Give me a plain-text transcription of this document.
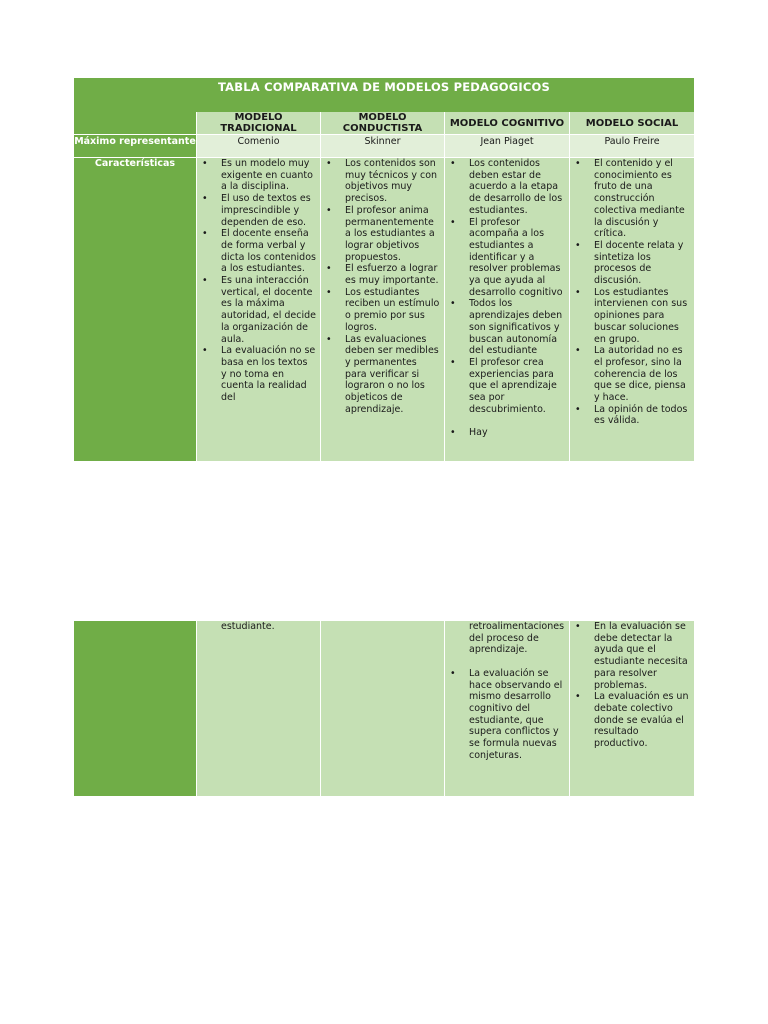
TABLA COMPARATIVA DE MODELOS PEDAGOGICOS
MODELO TRADICIONAL
MODELO CONDUCTISTA	MODELO COGNITIVO	MODELO SOCIAL
Máximo representante	Comenio	Skinner	Jean Piaget	Paulo Freire
Características
•	Es un modelo muy exigente en cuanto a la disciplina.
• El uso de textos es imprescindible y dependen de eso.
• El docente enseña de forma verbal y dicta los contenidos a los estudiantes.
• Es una interacción vertical, el docente es la máxima autoridad, el decide la organización de aula.
• La evaluación no se basa en los textos y no toma en cuenta la realidad del
• Los contenidos son muy técnicos y con objetivos muy precisos.
• El profesor anima permanentemente a los estudiantes a lograr objetivos propuestos.
• El esfuerzo a lograr es muy importante.
• Los estudiantes reciben un estímulo o premio por sus logros.
• Las evaluaciones deben ser medibles y permanentes para verificar si lograron o no los objeticos de aprendizaje.
• Los contenidos deben estar de acuerdo a la etapa de desarrollo de los estudiantes.
• El profesor acompaña a los estudiantes a identificar y a resolver problemas ya que ayuda al desarrollo cognitivo
• Todos los aprendizajes deben son significativos y buscan autonomía del estudiante
• El profesor crea experiencias para que el aprendizaje sea por descubrimiento.
• Hay
• El contenido y el conocimiento es fruto de una construcción colectiva mediante la discusión y crítica.
• El docente relata y sintetiza los procesos de discusión.
• Los estudiantes intervienen con sus opiniones para buscar soluciones en grupo.
• La autoridad no es el profesor, sino la coherencia de los que se dice, piensa y hace.
• La opinión de todos es válida.
estudiante.	retroalimentaciones del proceso de aprendizaje.
• La evaluación se hace observando el mismo desarrollo cognitivo del estudiante, que supera conflictos y se formula nuevas conjeturas.
• En la evaluación se debe detectar la ayuda que el estudiante necesita para resolver problemas.
• La evaluación es un debate colectivo donde se evalúa el resultado productivo.
